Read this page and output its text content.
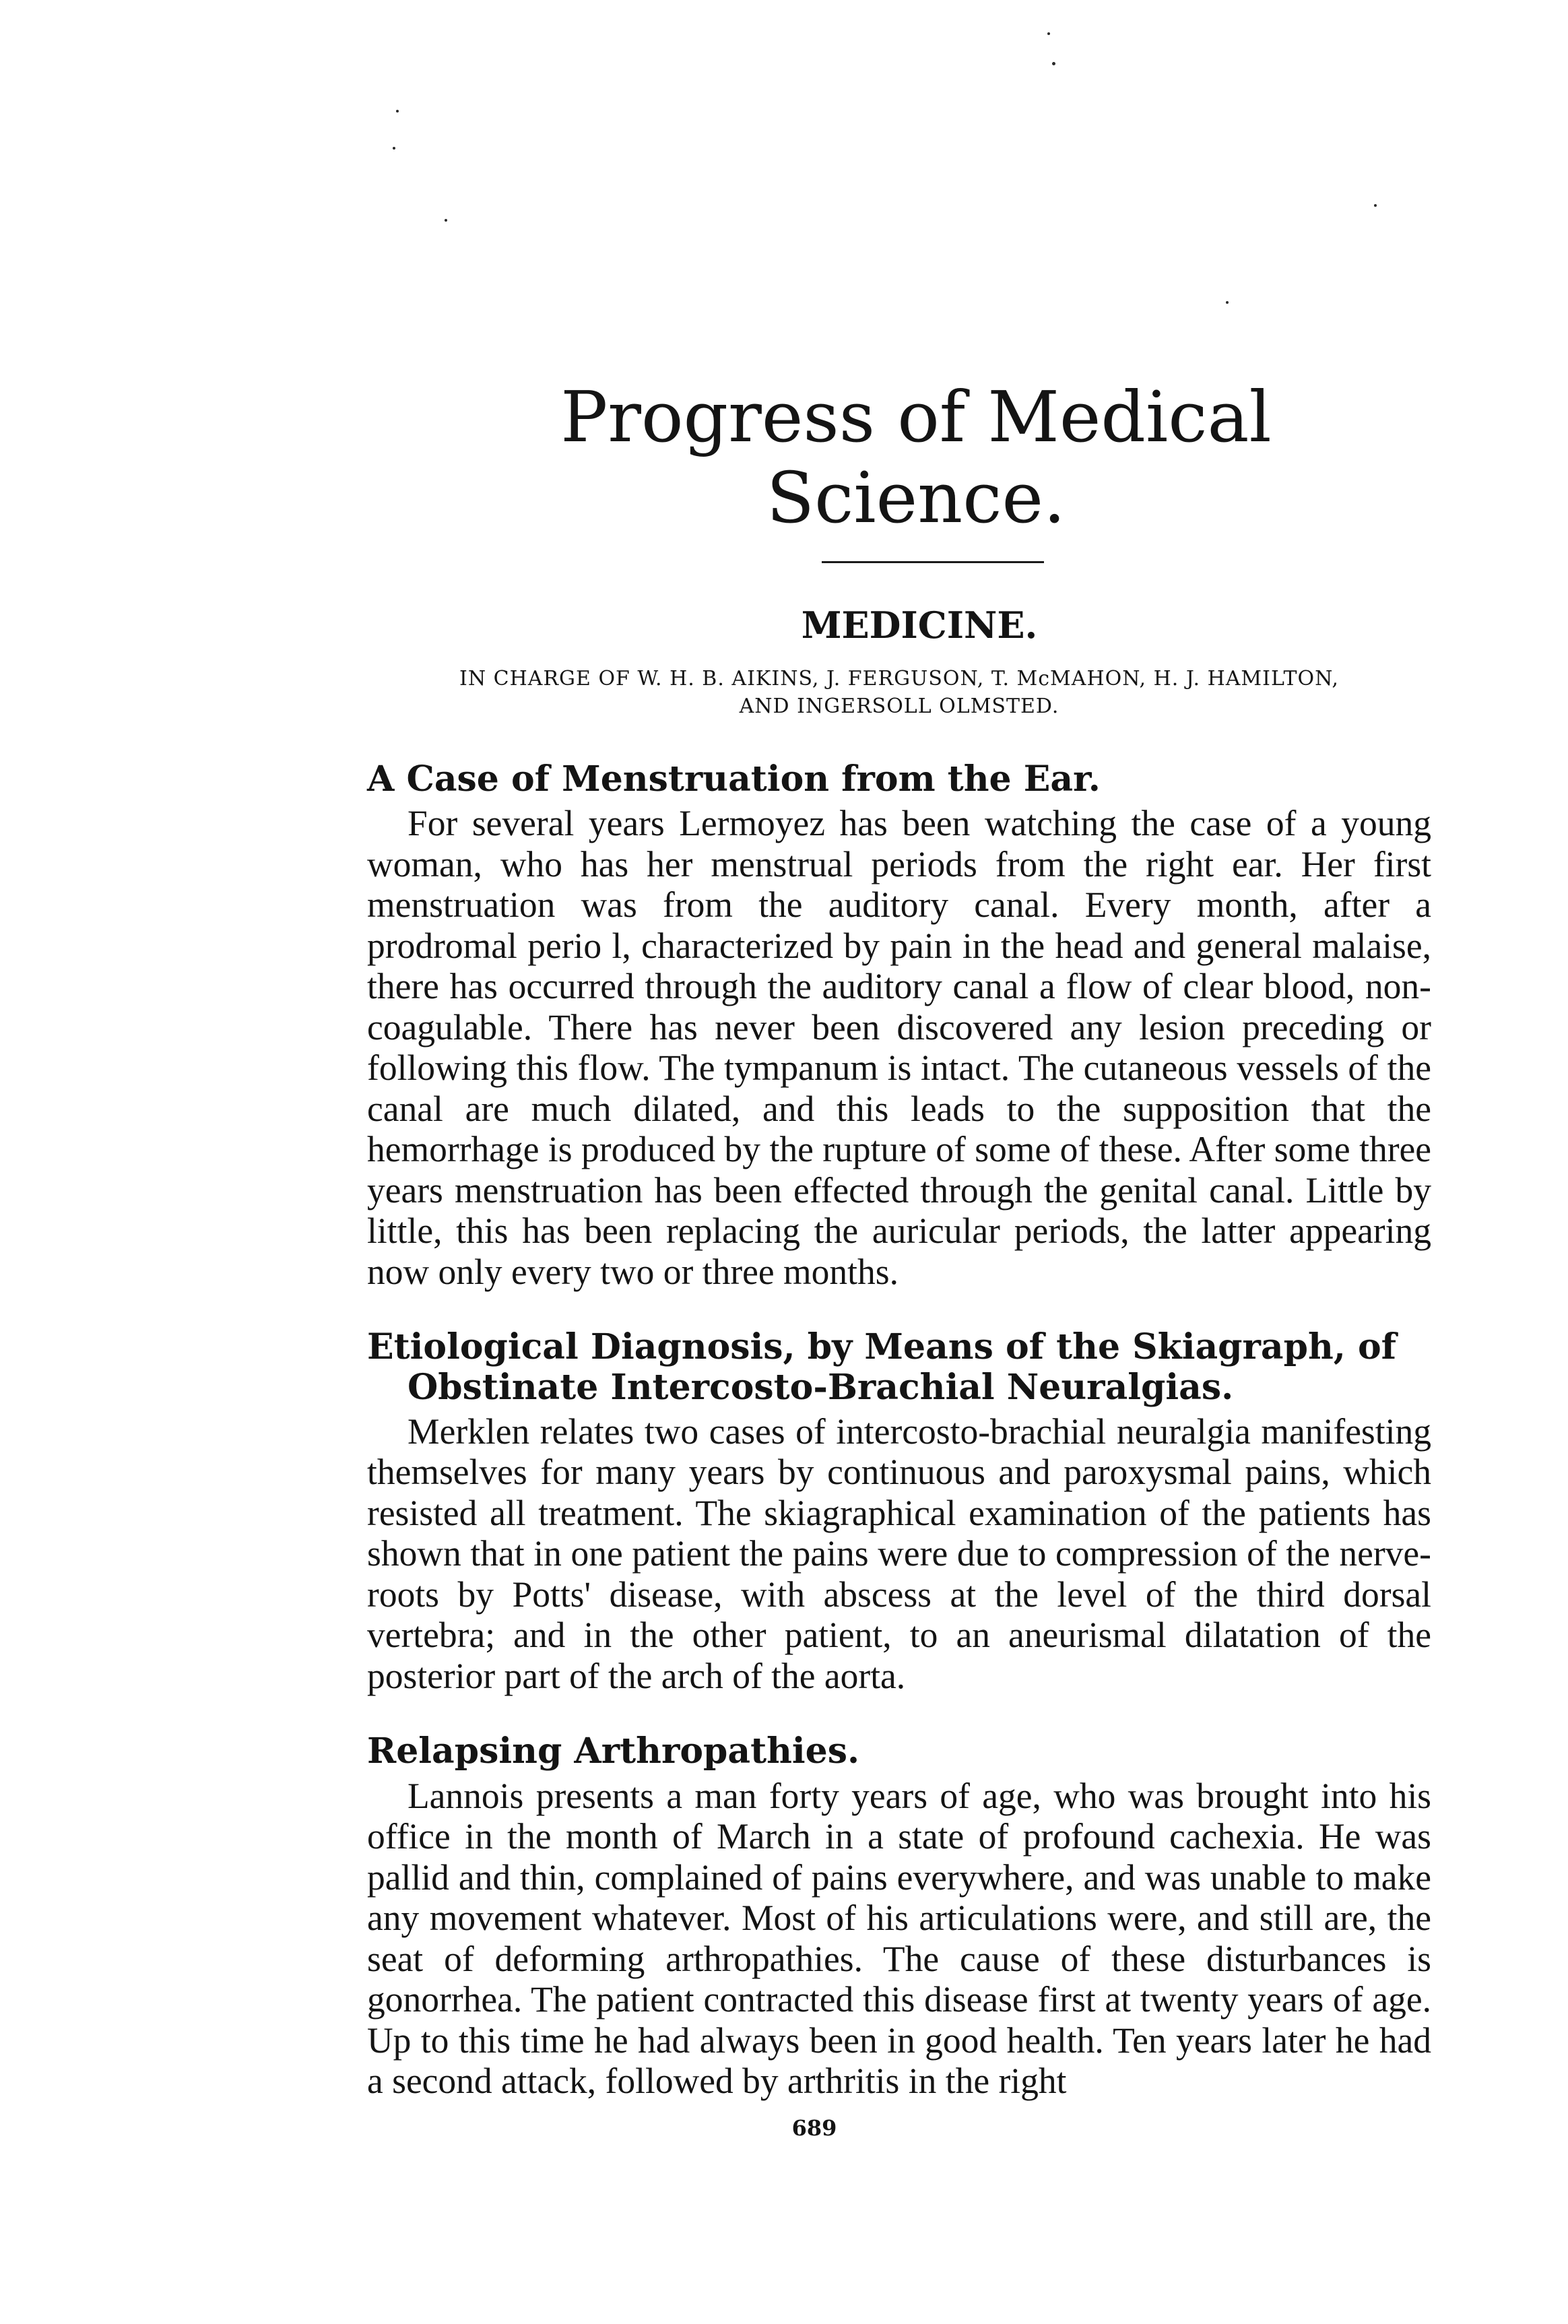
Progress of Medical Science.
MEDICINE.
IN CHARGE OF W. H. B. AIKINS, J. FERGUSON, T. McMAHON, H. J. HAMILTON,
AND INGERSOLL OLMSTED.
A Case of Menstruation from the Ear.

For several years Lermoyez has been watching the case of a young woman, who has her menstrual periods from the right ear. Her first menstruation was from the auditory canal. Every month, after a prodromal perio l, characterized by pain in the head and general malaise, there has occurred through the auditory canal a flow of clear blood, non-coagulable. There has never been discovered any lesion preceding or following this flow. The tympanum is intact. The cutaneous vessels of the canal are much dilated, and this leads to the supposition that the hemorrhage is produced by the rupture of some of these. After some three years menstruation has been effected through the genital canal. Little by little, this has been replacing the auricular periods, the latter appearing now only every two or three months.

Etiological Diagnosis, by Means of the Skiagraph, of Obstinate Intercosto-Brachial Neuralgias.

Merklen relates two cases of intercosto-brachial neuralgia manifesting themselves for many years by continuous and paroxysmal pains, which resisted all treatment. The skiagraphical examination of the patients has shown that in one patient the pains were due to compression of the nerve-roots by Potts' disease, with abscess at the level of the third dorsal vertebra; and in the other patient, to an aneurismal dilatation of the posterior part of the arch of the aorta.

Relapsing Arthropathies.

Lannois presents a man forty years of age, who was brought into his office in the month of March in a state of profound cachexia. He was pallid and thin, complained of pains everywhere, and was unable to make any movement whatever. Most of his articulations were, and still are, the seat of deforming arthropathies. The cause of these disturbances is gonorrhea. The patient contracted this disease first at twenty years of age. Up to this time he had always been in good health. Ten years later he had a second attack, followed by arthritis in the right

689
